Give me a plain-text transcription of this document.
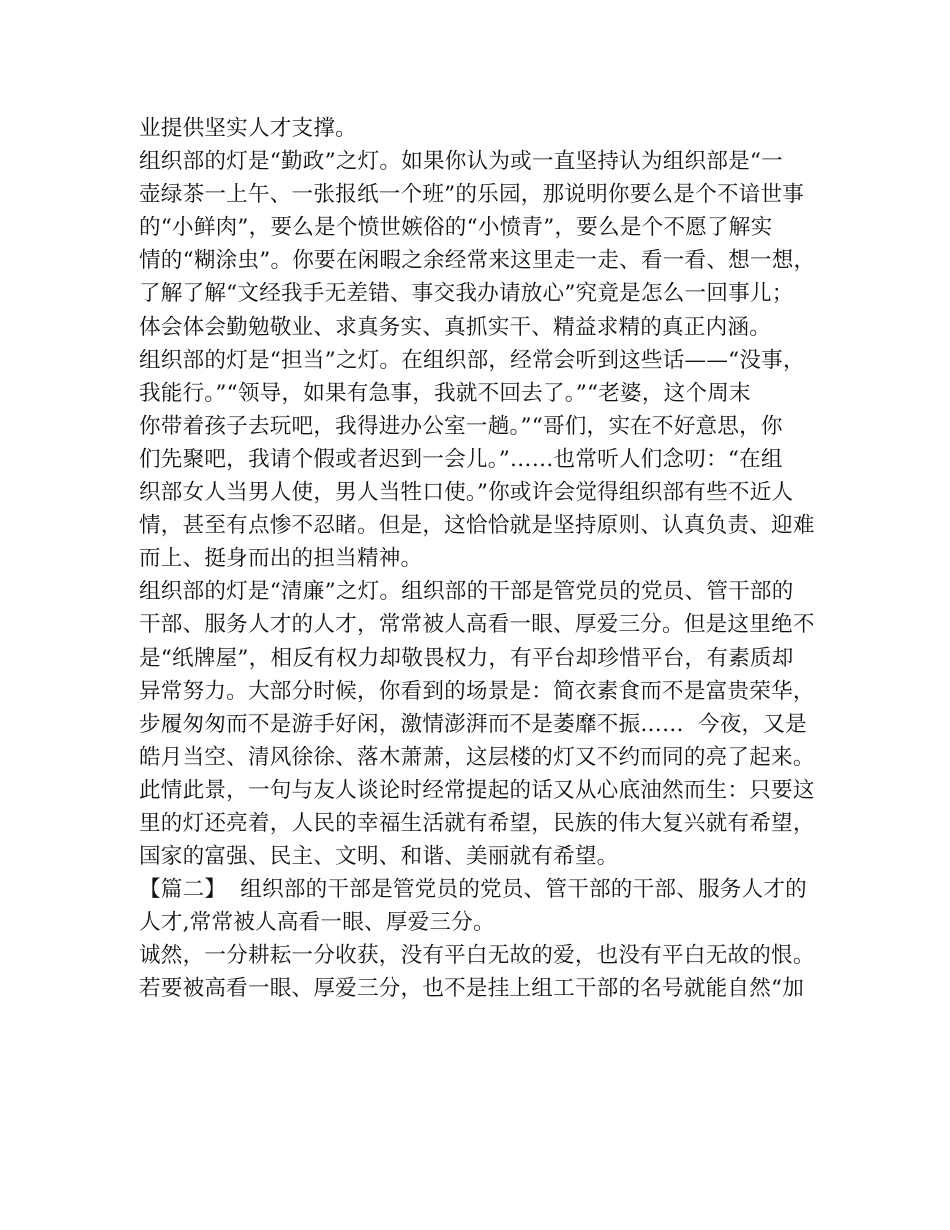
业提供坚实人才支撑。
组织部的灯是“勤政”之灯。如果你认为或一直坚持认为组织部是“一
壶绿茶一上午、一张报纸一个班”的乐园，那说明你要么是个不谙世事
的“小鲜肉”，要么是个愤世嫉俗的“小愤青”，要么是个不愿了解实
情的“糊涂虫”。你要在闲暇之余经常来这里走一走、看一看、想一想，
了解了解“文经我手无差错、事交我办请放心”究竟是怎么一回事儿；
体会体会勤勉敬业、求真务实、真抓实干、精益求精的真正内涵。
组织部的灯是“担当”之灯。在组织部，经常会听到这些话——“没事，
我能行。”“领导，如果有急事，我就不回去了。”“老婆，这个周末
你带着孩子去玩吧，我得进办公室一趟。”“哥们，实在不好意思，你
们先聚吧，我请个假或者迟到一会儿。”……也常听人们念叨：“在组
织部女人当男人使，男人当牲口使。”你或许会觉得组织部有些不近人
情，甚至有点惨不忍睹。但是，这恰恰就是坚持原则、认真负责、迎难
而上、挺身而出的担当精神。
组织部的灯是“清廉”之灯。组织部的干部是管党员的党员、管干部的
干部、服务人才的人才，常常被人高看一眼、厚爱三分。但是这里绝不
是“纸牌屋”，相反有权力却敬畏权力，有平台却珍惜平台，有素质却
异常努力。大部分时候，你看到的场景是：简衣素食而不是富贵荣华，
步履匆匆而不是游手好闲，激情澎湃而不是萎靡不振……  今夜，又是
皓月当空、清风徐徐、落木萧萧，这层楼的灯又不约而同的亮了起来。
此情此景，一句与友人谈论时经常提起的话又从心底油然而生：只要这
里的灯还亮着，人民的幸福生活就有希望，民族的伟大复兴就有希望，
国家的富强、民主、文明、和谐、美丽就有希望。
【篇二】  组织部的干部是管党员的党员、管干部的干部、服务人才的
人才,常常被人高看一眼、厚爱三分。
诚然，一分耕耘一分收获，没有平白无故的爱，也没有平白无故的恨。
若要被高看一眼、厚爱三分，也不是挂上组工干部的名号就能自然“加
